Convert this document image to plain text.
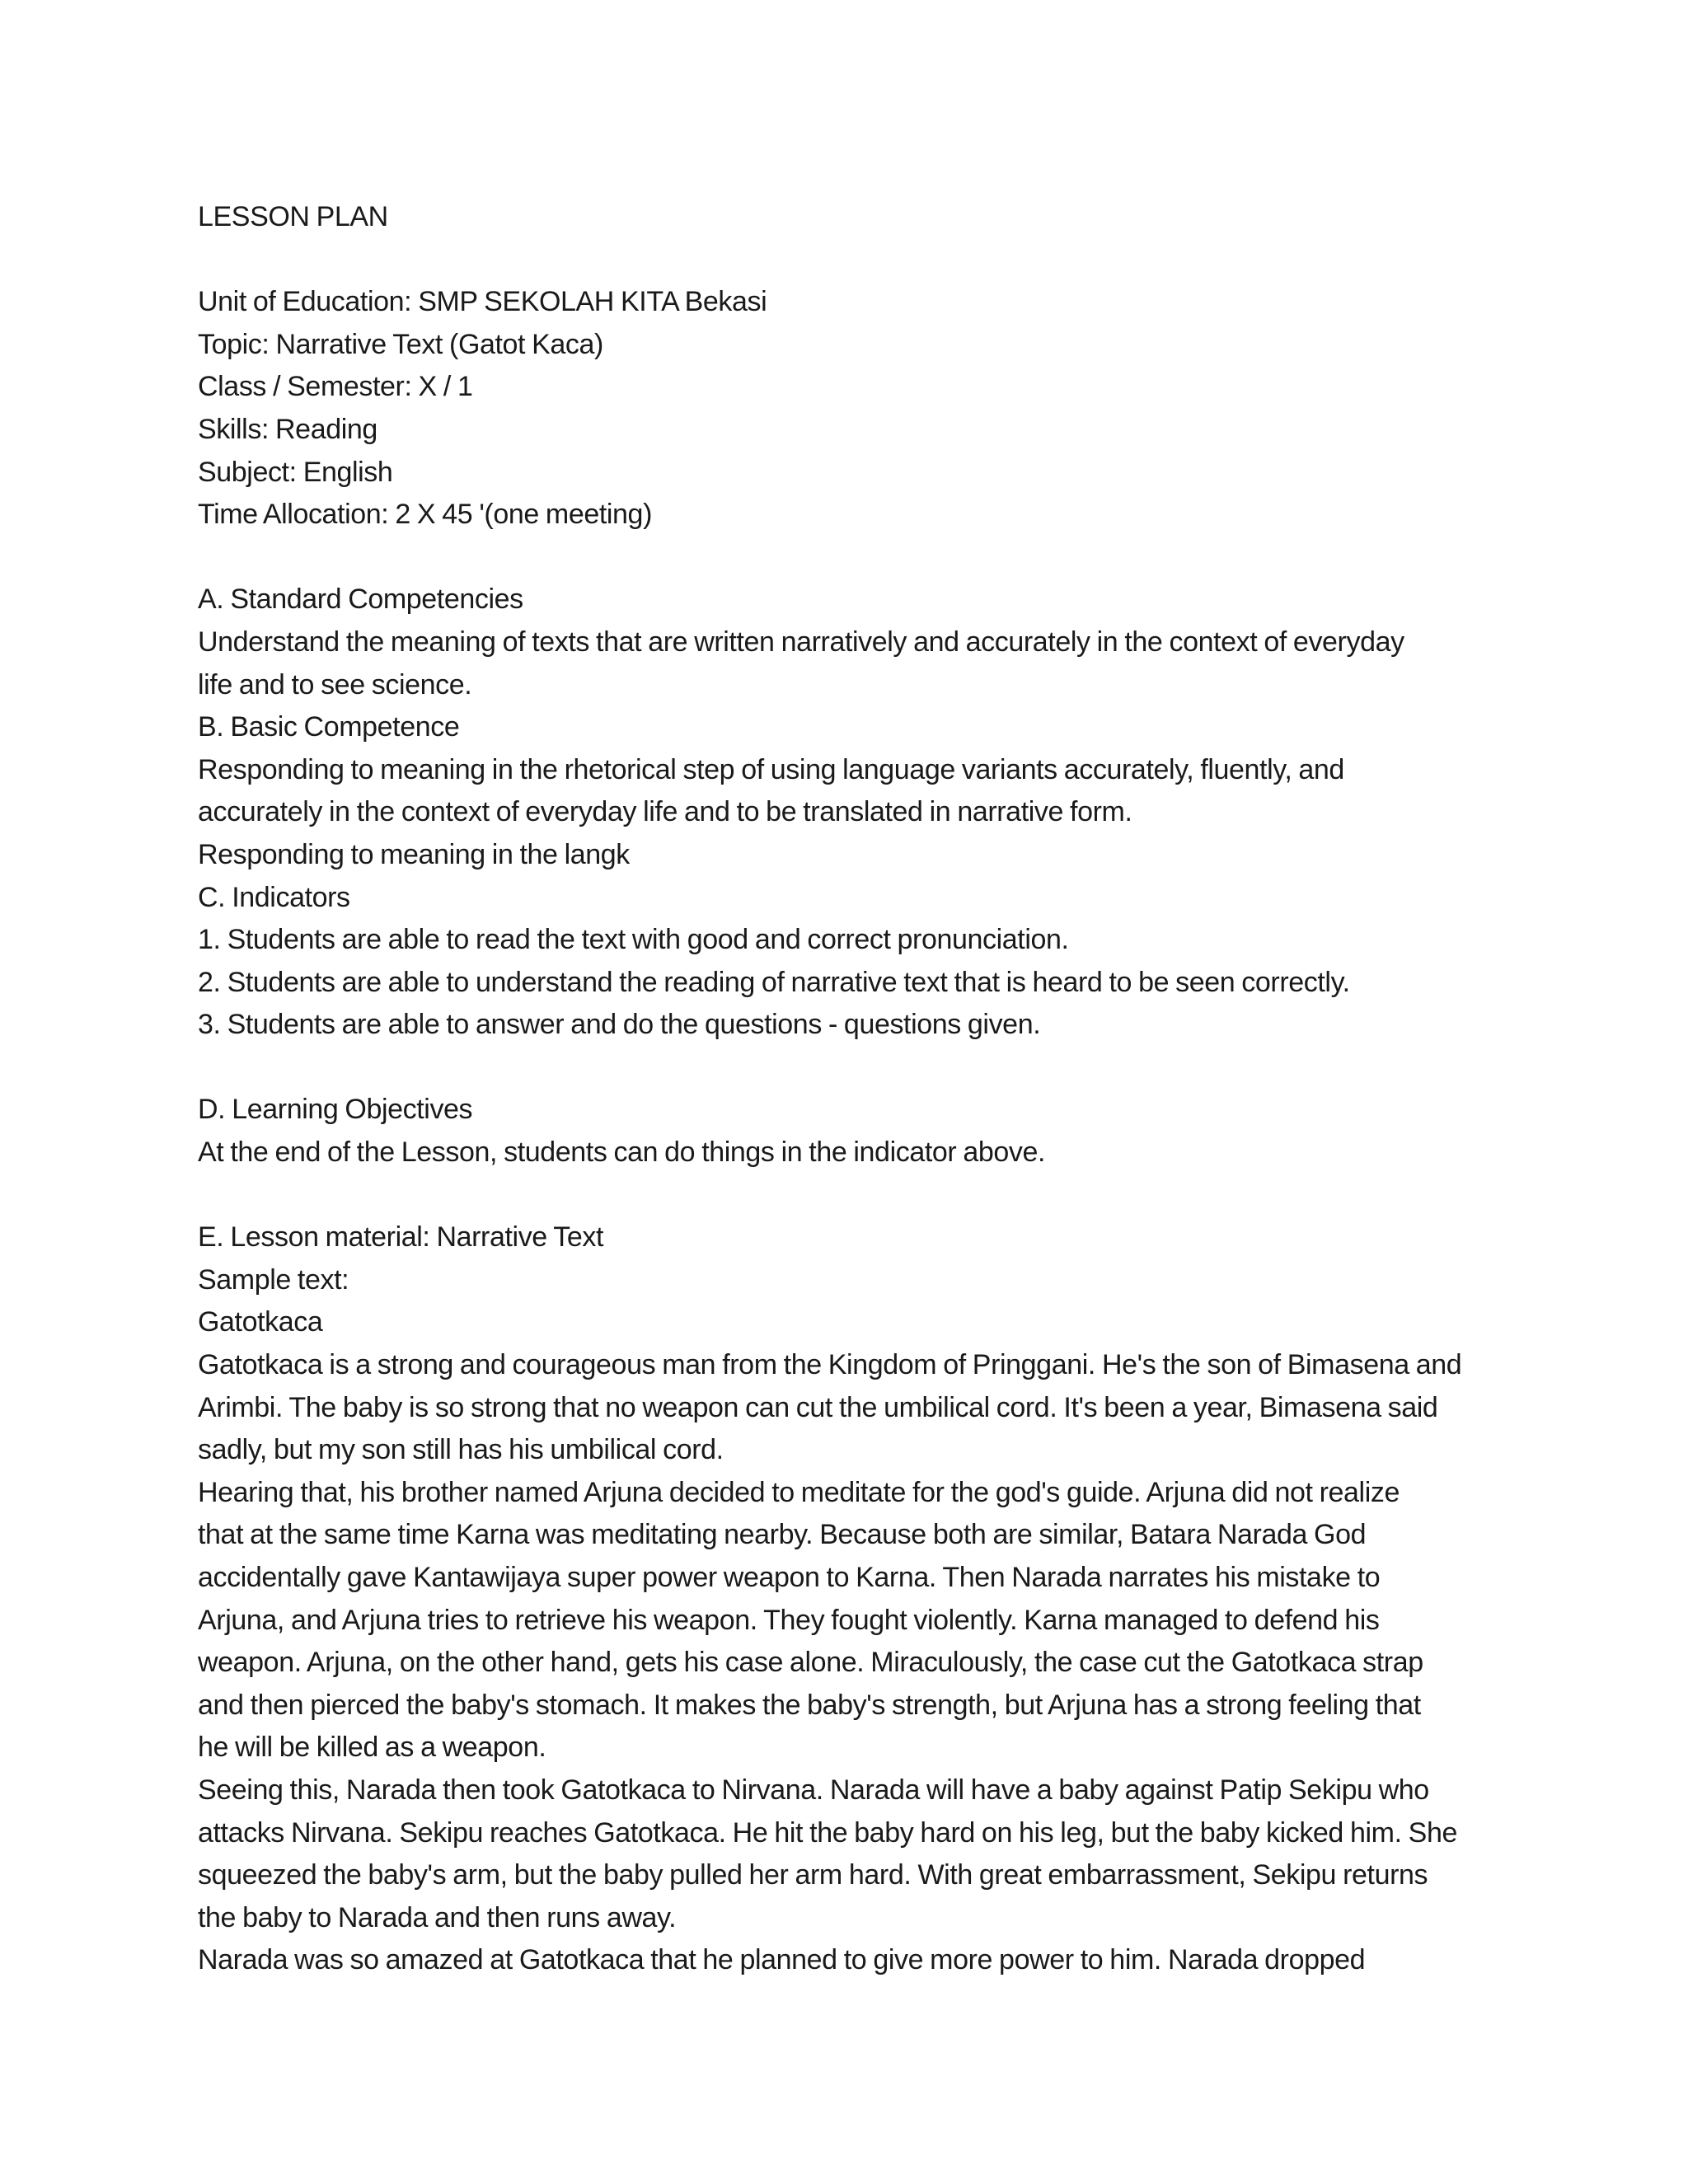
LESSON PLAN
Unit of Education: SMP SEKOLAH KITA Bekasi
Topic: Narrative Text (Gatot Kaca)
Class / Semester: X / 1
Skills: Reading
Subject: English
Time Allocation: 2 X 45 '(one meeting)
A. Standard Competencies
Understand the meaning of texts that are written narratively and accurately in the context of everyday
life and to see science.
B. Basic Competence
Responding to meaning in the rhetorical step of using language variants accurately, fluently, and
accurately in the context of everyday life and to be translated in narrative form.
Responding to meaning in the langk
C. Indicators
1. Students are able to read the text with good and correct pronunciation.
2. Students are able to understand the reading of narrative text that is heard to be seen correctly.
3. Students are able to answer and do the questions - questions given.
D. Learning Objectives
At the end of the Lesson, students can do things in the indicator above.
E. Lesson material: Narrative Text
Sample text:
Gatotkaca
Gatotkaca is a strong and courageous man from the Kingdom of Pringgani. He's the son of Bimasena and
Arimbi. The baby is so strong that no weapon can cut the umbilical cord. It's been a year, Bimasena said
sadly, but my son still has his umbilical cord.
Hearing that, his brother named Arjuna decided to meditate for the god's guide. Arjuna did not realize
that at the same time Karna was meditating nearby. Because both are similar, Batara Narada God
accidentally gave Kantawijaya super power weapon to Karna. Then Narada narrates his mistake to
Arjuna, and Arjuna tries to retrieve his weapon. They fought violently. Karna managed to defend his
weapon. Arjuna, on the other hand, gets his case alone. Miraculously, the case cut the Gatotkaca strap
and then pierced the baby's stomach. It makes the baby's strength, but Arjuna has a strong feeling that
he will be killed as a weapon.
Seeing this, Narada then took Gatotkaca to Nirvana. Narada will have a baby against Patip Sekipu who
attacks Nirvana. Sekipu reaches Gatotkaca. He hit the baby hard on his leg, but the baby kicked him. She
squeezed the baby's arm, but the baby pulled her arm hard. With great embarrassment, Sekipu returns
the baby to Narada and then runs away.
Narada was so amazed at Gatotkaca that he planned to give more power to him. Narada dropped
